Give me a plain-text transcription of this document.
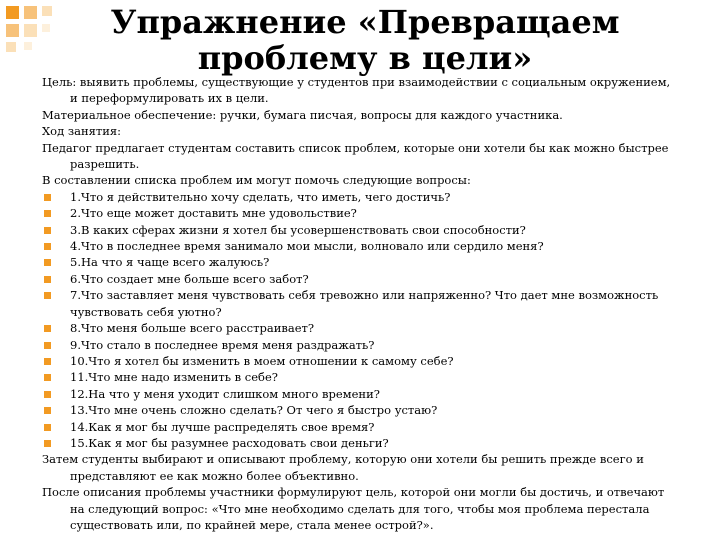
Упражнение «Превращаем проблему в цели»
Цель: выявить проблемы, существующие у студентов при взаимодействии с социальным окружением, и переформулировать их в цели.
Материальное обеспечение: ручки, бумага писчая, вопросы для каждого участника.
Ход занятия:
Педагог предлагает студентам составить список проблем, которые они хотели бы как можно быстрее разрешить.
В составлении списка проблем им могут помочь следующие вопросы:
1.Что я действительно хочу сделать, что иметь, чего достичь?
2.Что еще может доставить мне удовольствие?
3.В каких сферах жизни я хотел бы усовершенствовать свои способности?
4.Что в последнее время занимало мои мысли, волновало или сердило меня?
5.На что я чаще всего жалуюсь?
6.Что создает мне больше всего забот?
7.Что заставляет меня чувствовать себя тревожно или напряженно? Что дает мне возможность чувствовать себя уютно?
8.Что меня больше всего расстраивает?
9.Что стало в последнее время меня раздражать?
10.Что я хотел бы изменить в моем отношении к самому себе?
11.Что мне надо изменить в себе?
12.На что у меня уходит слишком много времени?
13.Что мне очень сложно сделать? От чего я быстро устаю?
14.Как я мог бы лучше распределять свое время?
15.Как я мог бы разумнее расходовать свои деньги?
Затем студенты выбирают и описывают проблему, которую они хотели бы решить прежде всего и представляют ее как можно более объективно.
После описания проблемы участники формулируют цель, которой они могли бы достичь, и отвечают на следующий вопрос: «Что мне необходимо сделать для того, чтобы моя проблема перестала существовать или, по крайней мере, стала менее острой?».
